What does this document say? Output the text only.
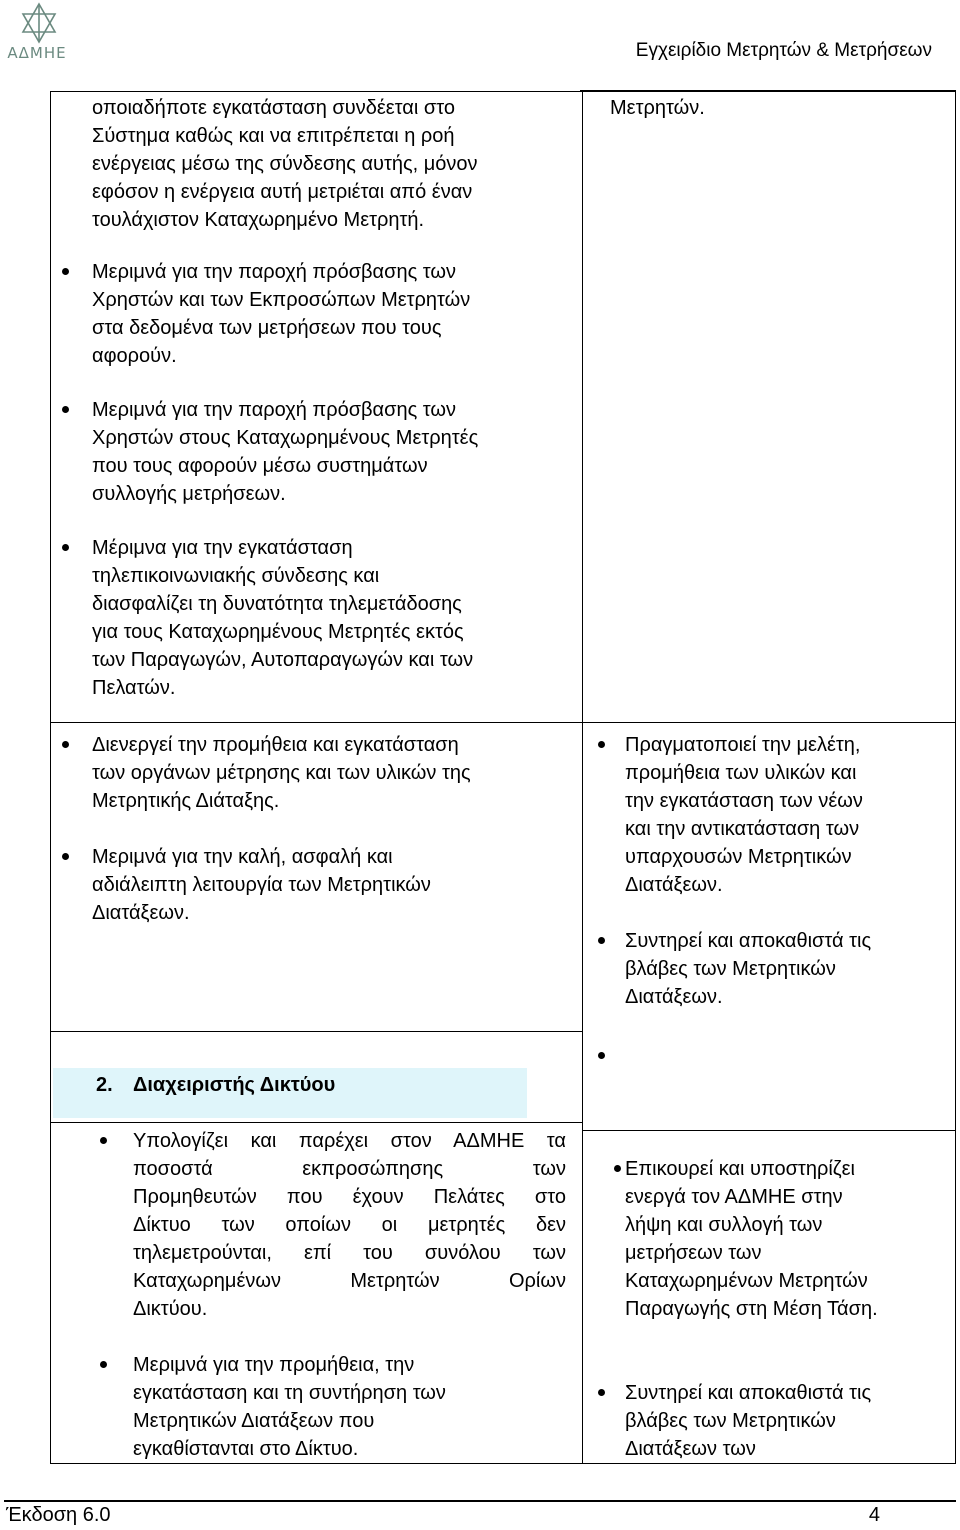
ΑΔΜΗΕ	Εγχειρίδιο Μετρητών & Μετρήσεων
2. Διαχειριστής Δικτύου
Έκδοση 6.0	4
οποιαδήποτε εγκατάσταση συνδέεται στο
Σύστημα καθώς και να επιτρέπεται η ροή
ενέργειας μέσω της σύνδεσης αυτής, μόνον
εφόσον η ενέργεια αυτή μετριέται από έναν
τουλάχιστον Καταχωρημένο Μετρητή.
Μεριμνά για την παροχή πρόσβασης των
Χρηστών και των Εκπροσώπων Μετρητών
στα δεδομένα των μετρήσεων που τους
αφορούν.
Μεριμνά για την παροχή πρόσβασης των
Χρηστών στους Καταχωρημένους Μετρητές
που τους αφορούν μέσω συστημάτων
συλλογής μετρήσεων.
Μέριμνα για την εγκατάσταση
τηλεπικοινωνιακής σύνδεσης και
διασφαλίζει τη δυνατότητα τηλεμετάδοσης
για τους Καταχωρημένους Μετρητές εκτός
των Παραγωγών, Αυτοπαραγωγών και των
Πελατών.
Μετρητών.
Διενεργεί την προμήθεια και εγκατάσταση
των οργάνων μέτρησης και των υλικών της
Μετρητικής Διάταξης.
Μεριμνά για την καλή, ασφαλή και
αδιάλειπτη λειτουργία των Μετρητικών
Διατάξεων.
Πραγματοποιεί την μελέτη,
προμήθεια των υλικών και
την εγκατάσταση των νέων
και την αντικατάσταση των
υπαρχουσών Μετρητικών
Διατάξεων.
Συντηρεί και αποκαθιστά τις
βλάβες των Μετρητικών
Διατάξεων.
Υπολογίζει και παρέχει στον ΑΔΜΗΕ τα
ποσοστά εκπροσώπησης των
Προμηθευτών που έχουν Πελάτες στο
Δίκτυο των οποίων οι μετρητές δεν
τηλεμετρούνται, επί του συνόλου των
Καταχωρημένων Μετρητών Ορίων
Δικτύου.
Μεριμνά για την προμήθεια, την
εγκατάσταση και τη συντήρηση των
Μετρητικών Διατάξεων που
εγκαθίστανται στο Δίκτυο.
Επικουρεί και υποστηρίζει
ενεργά τον ΑΔΜΗΕ στην
λήψη και συλλογή των
μετρήσεων των
Καταχωρημένων Μετρητών
Παραγωγής στη Μέση Τάση.
Συντηρεί και αποκαθιστά τις
βλάβες των Μετρητικών
Διατάξεων των
